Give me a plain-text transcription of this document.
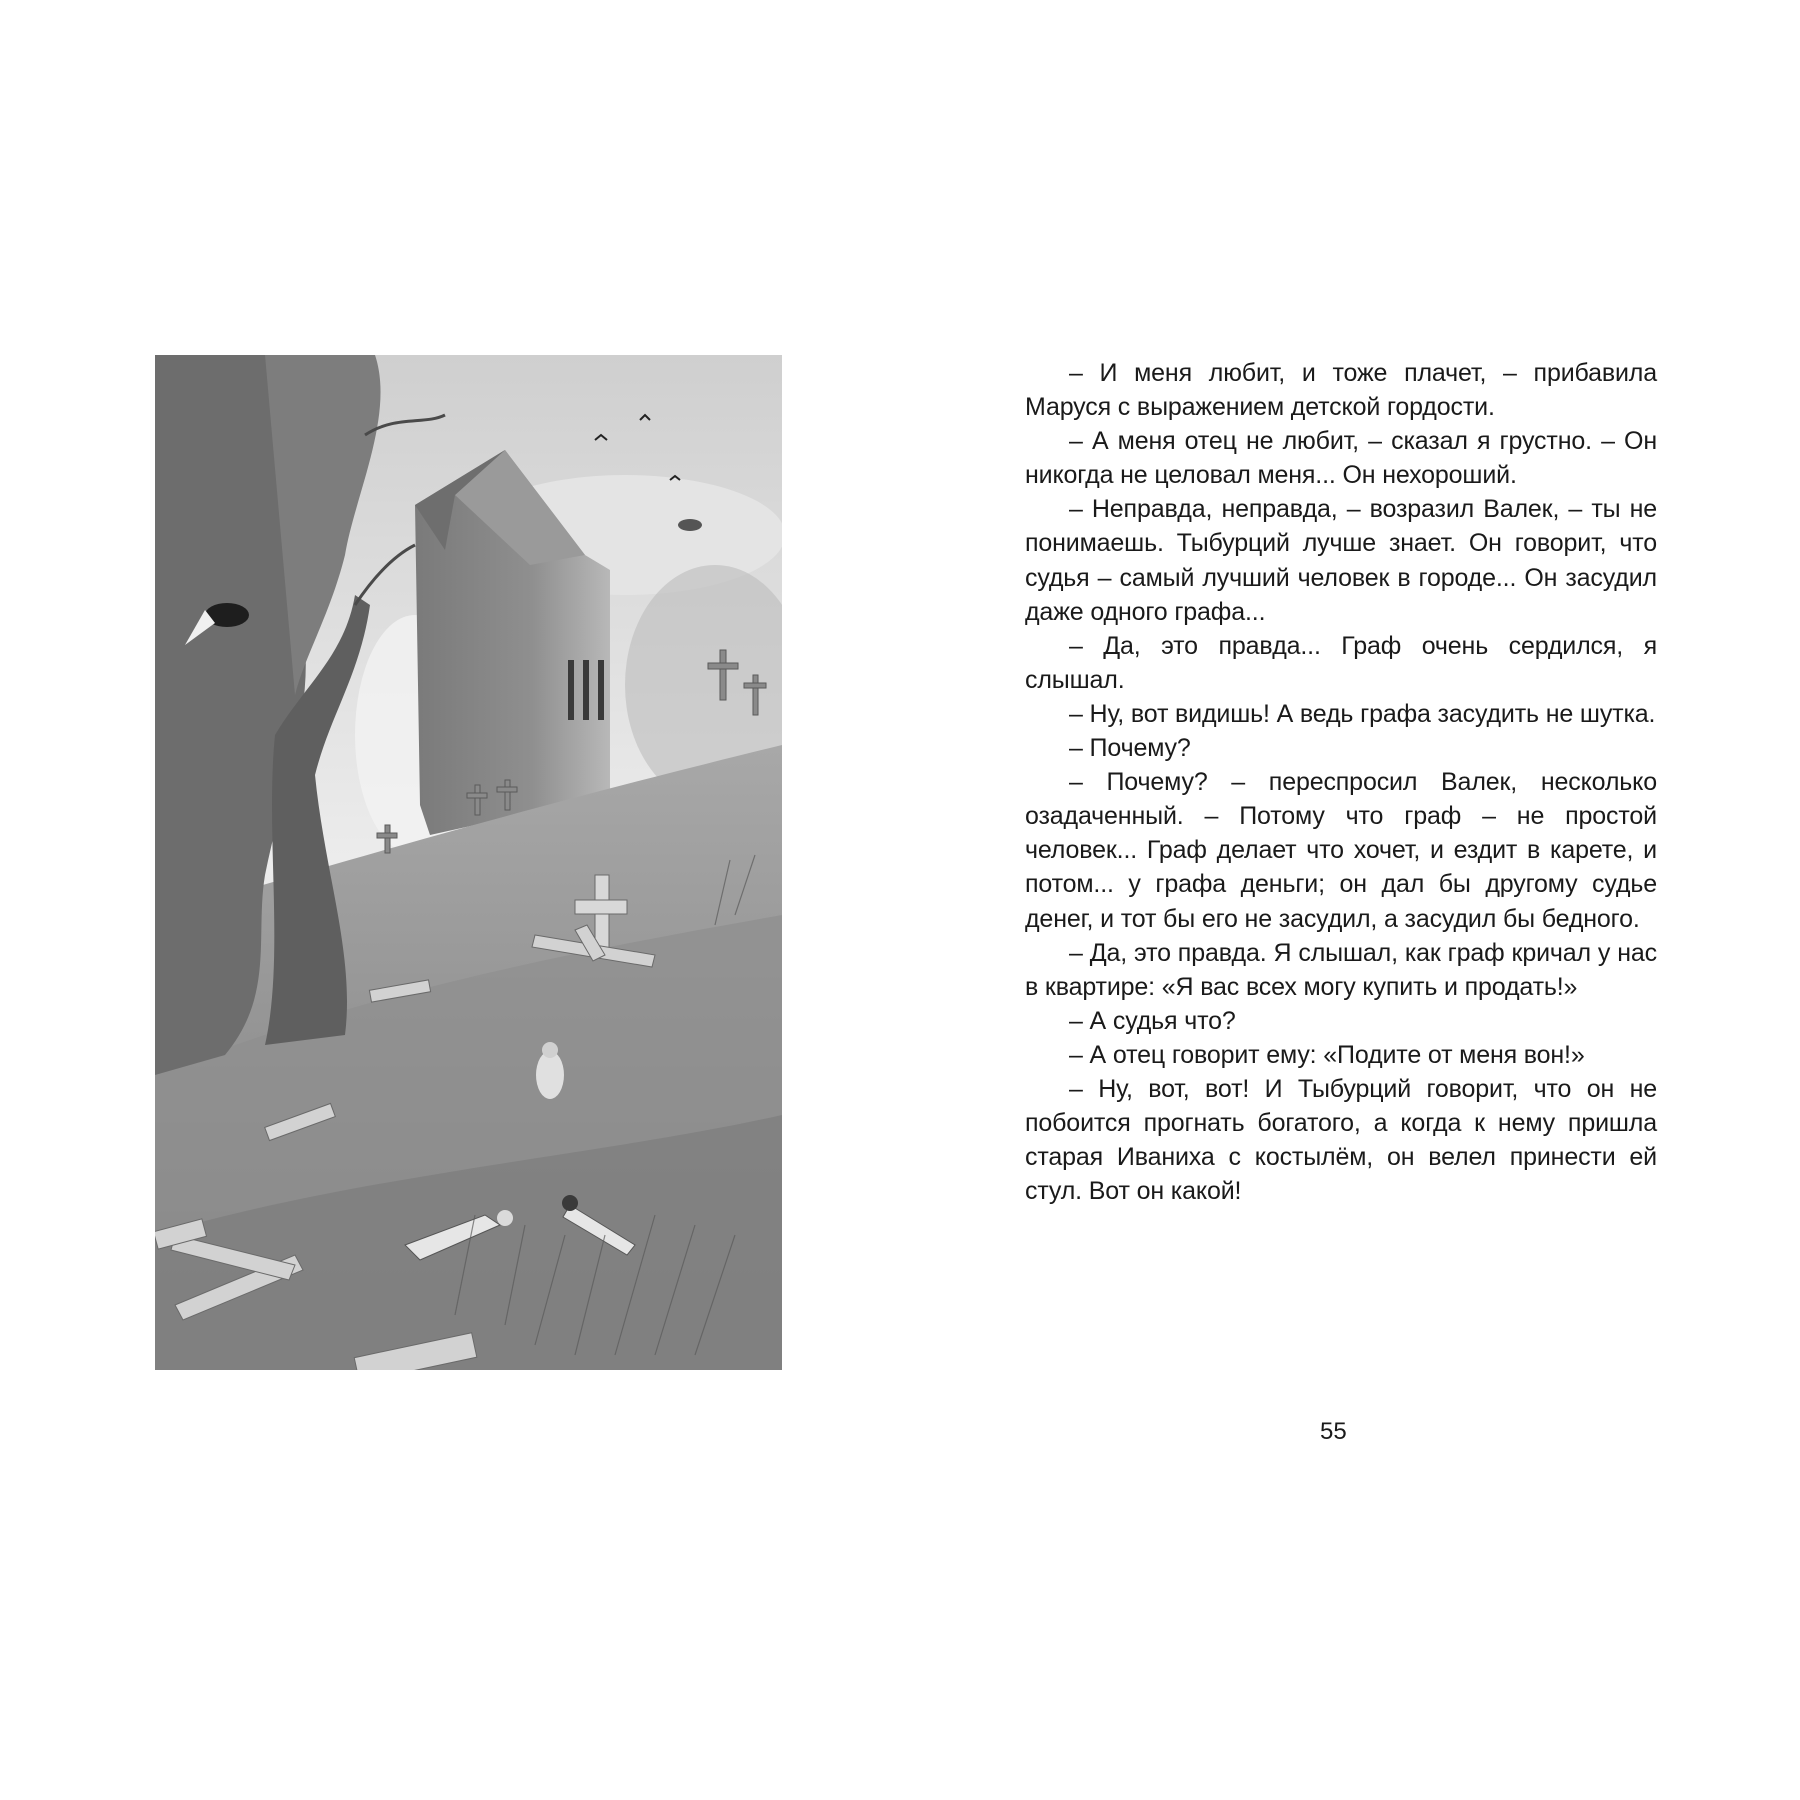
– И меня любит, и тоже плачет, – прибавила Маруся с выражением детской гордости.

– А меня отец не любит, – сказал я грустно. – Он никогда не целовал меня... Он нехороший.

– Неправда, неправда, – возразил Валек, – ты не понимаешь. Тыбурций лучше знает. Он говорит, что судья – самый лучший человек в городе... Он засудил даже одного графа...

– Да, это правда... Граф очень сердился, я слышал.

– Ну, вот видишь! А ведь графа засудить не шутка.

– Почему?

– Почему? – переспросил Валек, несколько озадаченный. – Потому что граф – не простой человек... Граф делает что хочет, и ездит в карете, и потом... у графа деньги; он дал бы другому судье денег, и тот бы его не засудил, а засудил бы бедного.

– Да, это правда. Я слышал, как граф кричал у нас в квартире: «Я вас всех могу купить и продать!»

– А судья что?

– А отец говорит ему: «Подите от меня вон!»

– Ну, вот, вот! И Тыбурций говорит, что он не побоится прогнать богатого, а когда к нему пришла старая Иваниха с костылём, он велел принести ей стул. Вот он какой!

55
